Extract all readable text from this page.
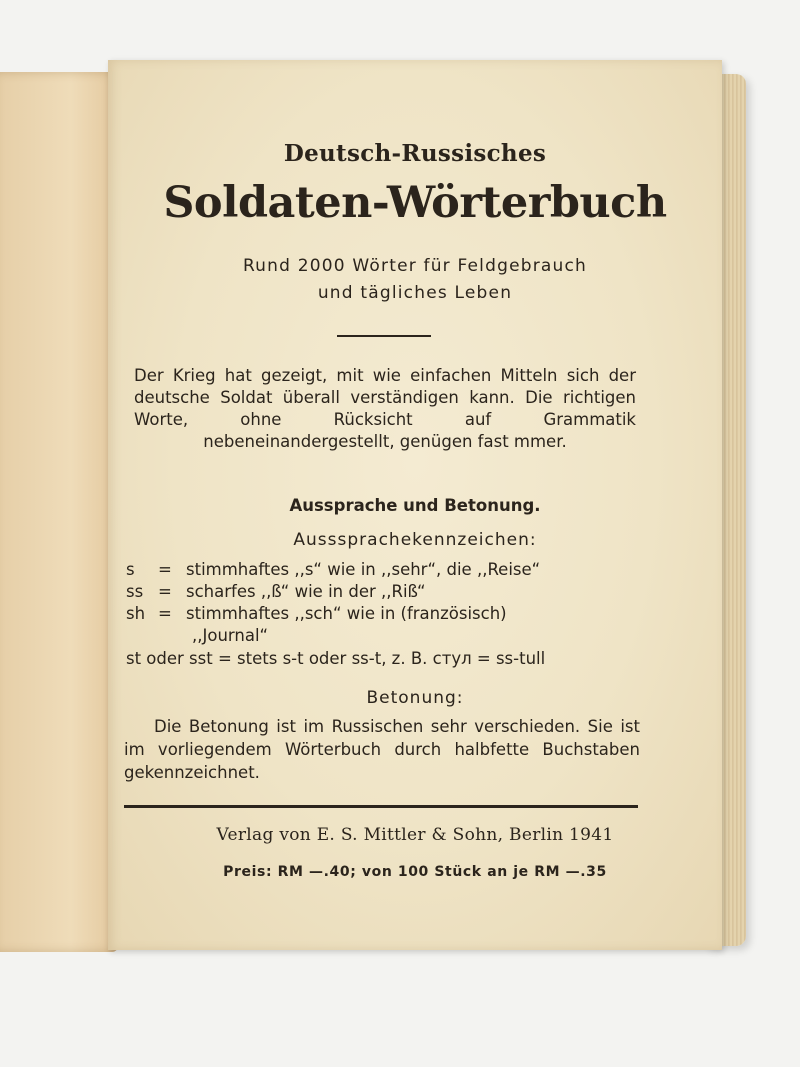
Deutsch-Russisches
Soldaten-Wörterbuch
Rund 2000 Wörter für Feldgebrauch
und tägliches Leben
Der Krieg hat gezeigt, mit wie einfachen Mitteln sich der deutsche Soldat überall verständigen kann. Die richtigen Worte, ohne Rücksicht auf Grammatik nebeneinandergestellt, genügen fast mmer.
Aussprache und Betonung.
Ausssprachekennzeichen:
s = stimmhaftes ,,s“ wie in ,,sehr“, die ,,Reise“
ss = scharfes ,,ß“ wie in der ,,Riß“
sh = stimmhaftes ,,sch“ wie in (französisch)
,,Journal“
st oder sst = stets s-t oder ss-t, z. B. стул = ss-tull
Betonung:
Die Betonung ist im Russischen sehr verschieden. Sie ist im vorliegendem Wörterbuch durch halbfette Buchstaben gekennzeichnet.
Verlag von E. S. Mittler & Sohn, Berlin 1941
Preis: RM —.40; von 100 Stück an je RM —.35
